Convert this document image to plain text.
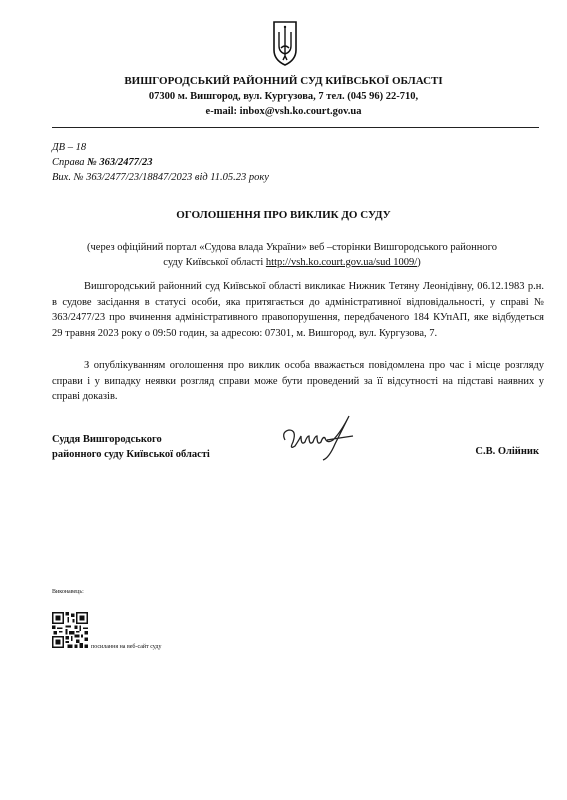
ВИШГОРОДСЬКИЙ РАЙОННИЙ СУД КИЇВСЬКОЇ ОБЛАСТІ
07300 м. Вишгород, вул. Кургузова, 7 тел. (045 96) 22-710,
e-mail: inbox@vsh.ko.court.gov.ua
ДВ – 18
Справа № 363/2477/23
Вих. № 363/2477/23/18847/2023 від 11.05.23 року
ОГОЛОШЕННЯ ПРО ВИКЛИК ДО СУДУ
(через офіційний портал «Судова влада України» веб –сторінки Вишгородського районного суду Київської області http://vsh.ko.court.gov.ua/sud 1009/)
Вишгородський районний суд Київської області викликає Нижник Тетяну Леонідівну, 06.12.1983 р.н. в судове засідання в статусі особи, яка притягається до адміністративної відповідальності, у справі № 363/2477/23 про вчинення адміністративного правопорушення, передбаченого 184 КУпАП, яке відбудеться 29 травня 2023 року о 09:50 годин, за адресою: 07301, м. Вишгород, вул. Кургузова, 7.
З опублікуванням оголошення про виклик особа вважається повідомлена про час і місце розгляду справи і у випадку неявки розгляд справи може бути проведений за її відсутності на підставі наявних у справі доказів.
Суддя Вишгородського
районного суду Київської області	С.В. Олійник
Виконавець:
посилання на веб-сайт суду
